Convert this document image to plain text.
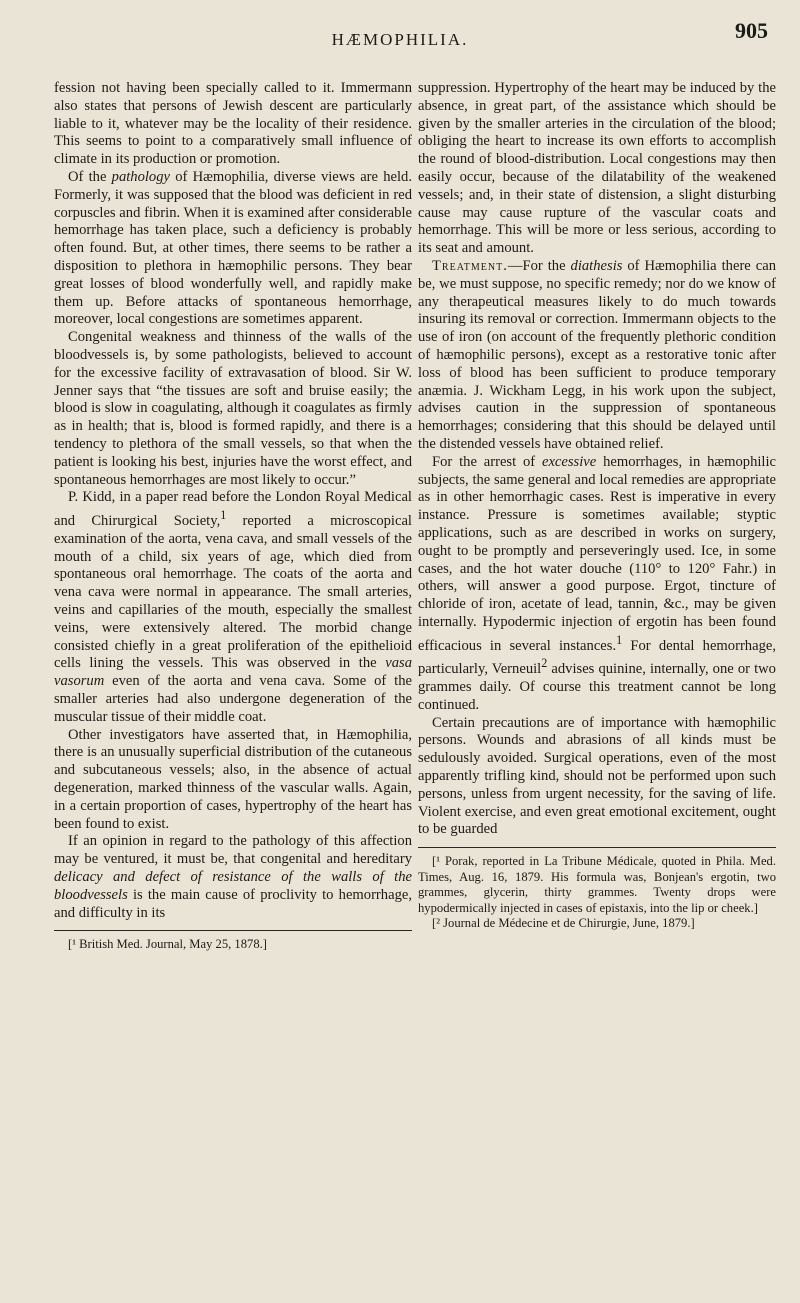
HÆMOPHILIA.	905

fession not having been specially called to it. Immermann also states that persons of Jewish descent are particularly liable to it, whatever may be the locality of their residence. This seems to point to a comparatively small influence of climate in its production or promotion.

Of the pathology of Hæmophilia, diverse views are held. Formerly, it was supposed that the blood was deficient in red corpuscles and fibrin. When it is examined after considerable hemorrhage has taken place, such a deficiency is probably often found. But, at other times, there seems to be rather a disposition to plethora in hæmophilic persons. They bear great losses of blood wonderfully well, and rapidly make them up. Before attacks of spontaneous hemorrhage, moreover, local congestions are sometimes apparent.

Congenital weakness and thinness of the walls of the bloodvessels is, by some pathologists, believed to account for the excessive facility of extravasation of blood. Sir W. Jenner says that “the tissues are soft and bruise easily; the blood is slow in coagulating, although it coagulates as firmly as in health; that is, blood is formed rapidly, and there is a tendency to plethora of the small vessels, so that when the patient is looking his best, injuries have the worst effect, and spontaneous hemorrhages are most likely to occur.”

P. Kidd, in a paper read before the London Royal Medical and Chirurgical Society,$^1$ reported a microscopical examination of the aorta, vena cava, and small vessels of the mouth of a child, six years of age, which died from spontaneous oral hemorrhage. The coats of the aorta and vena cava were normal in appearance. The small arteries, veins and capillaries of the mouth, especially the smallest veins, were extensively altered. The morbid change consisted chiefly in a great proliferation of the epithelioid cells lining the vessels. This was observed in the vasa vasorum even of the aorta and vena cava. Some of the smaller arteries had also undergone degeneration of the muscular tissue of their middle coat.

Other investigators have asserted that, in Hæmophilia, there is an unusually superficial distribution of the cutaneous and subcutaneous vessels; also, in the absence of actual degeneration, marked thinness of the vascular walls. Again, in a certain proportion of cases, hypertrophy of the heart has been found to exist.

If an opinion in regard to the pathology of this affection may be ventured, it must be, that congenital and hereditary delicacy and defect of resistance of the walls of the bloodvessels is the main cause of proclivity to hemorrhage, and difficulty in its

[¹ British Med. Journal, May 25, 1878.]

suppression. Hypertrophy of the heart may be induced by the absence, in great part, of the assistance which should be given by the smaller arteries in the circulation of the blood; obliging the heart to increase its own efforts to accomplish the round of blood-distribution. Local congestions may then easily occur, because of the dilatability of the weakened vessels; and, in their state of distension, a slight disturbing cause may cause rupture of the vascular coats and hemorrhage. This will be more or less serious, according to its seat and amount.

Treatment.—For the diathesis of Hæmophilia there can be, we must suppose, no specific remedy; nor do we know of any therapeutical measures likely to do much towards insuring its removal or correction. Immermann objects to the use of iron (on account of the frequently plethoric condition of hæmophilic persons), except as a restorative tonic after loss of blood has been sufficient to produce temporary anæmia. J. Wickham Legg, in his work upon the subject, advises caution in the suppression of spontaneous hemorrhages; considering that this should be delayed until the distended vessels have obtained relief.

For the arrest of excessive hemorrhages, in hæmophilic subjects, the same general and local remedies are appropriate as in other hemorrhagic cases. Rest is imperative in every instance. Pressure is sometimes available; styptic applications, such as are described in works on surgery, ought to be promptly and perseveringly used. Ice, in some cases, and the hot water douche (110° to 120° Fahr.) in others, will answer a good purpose. Ergot, tincture of chloride of iron, acetate of lead, tannin, &c., may be given internally. Hypodermic injection of ergotin has been found efficacious in several instances.$^1$ For dental hemorrhage, particularly, Verneuil$^2$ advises quinine, internally, one or two grammes daily. Of course this treatment cannot be long continued.

Certain precautions are of importance with hæmophilic persons. Wounds and abrasions of all kinds must be sedulously avoided. Surgical operations, even of the most apparently trifling kind, should not be performed upon such persons, unless from urgent necessity, for the saving of life. Violent exercise, and even great emotional excitement, ought to be guarded

[¹ Porak, reported in La Tribune Médicale, quoted in Phila. Med. Times, Aug. 16, 1879. His formula was, Bonjean's ergotin, two grammes, glycerin, thirty grammes. Twenty drops were hypodermically injected in cases of epistaxis, into the lip or cheek.]

[² Journal de Médecine et de Chirurgie, June, 1879.]
